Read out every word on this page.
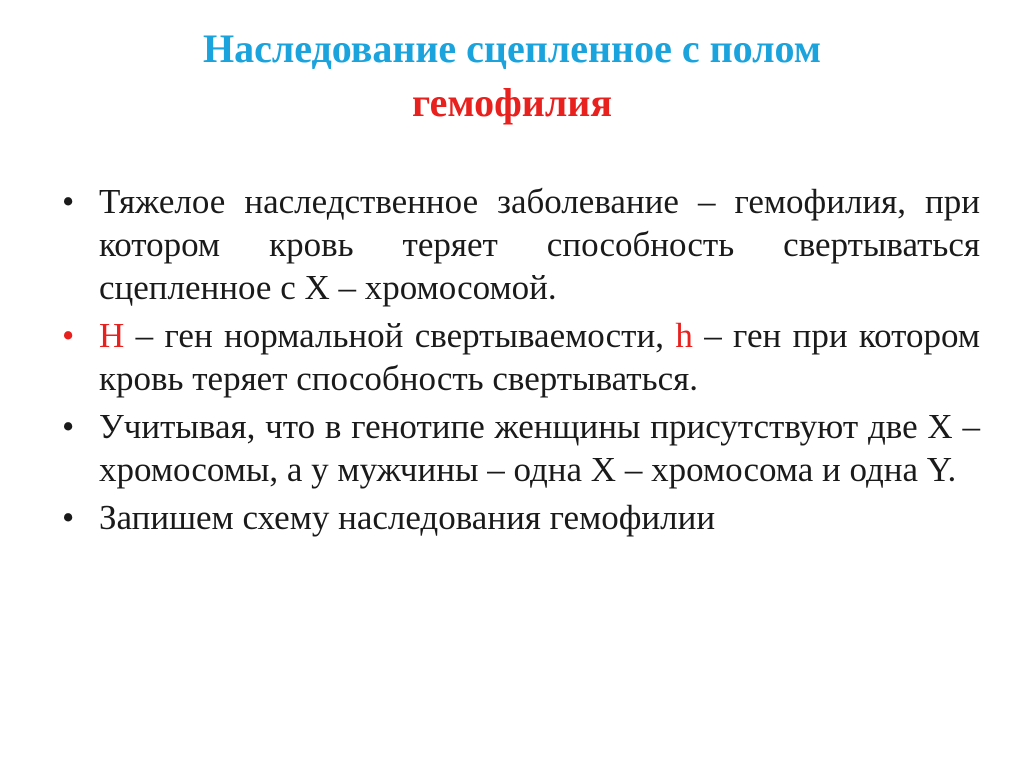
Наследование сцепленное с полом
гемофилия
• Тяжелое наследственное заболевание – гемофилия, при котором кровь теряет способность свертываться сцепленное с X – хромосомой.
• Н – ген нормальной свертываемости, h – ген при котором кровь теряет способность свертываться.
• Учитывая, что в генотипе женщины присутствуют две X – хромосомы, а у мужчины – одна X – хромосома и одна Y.
• Запишем схему наследования гемофилии
